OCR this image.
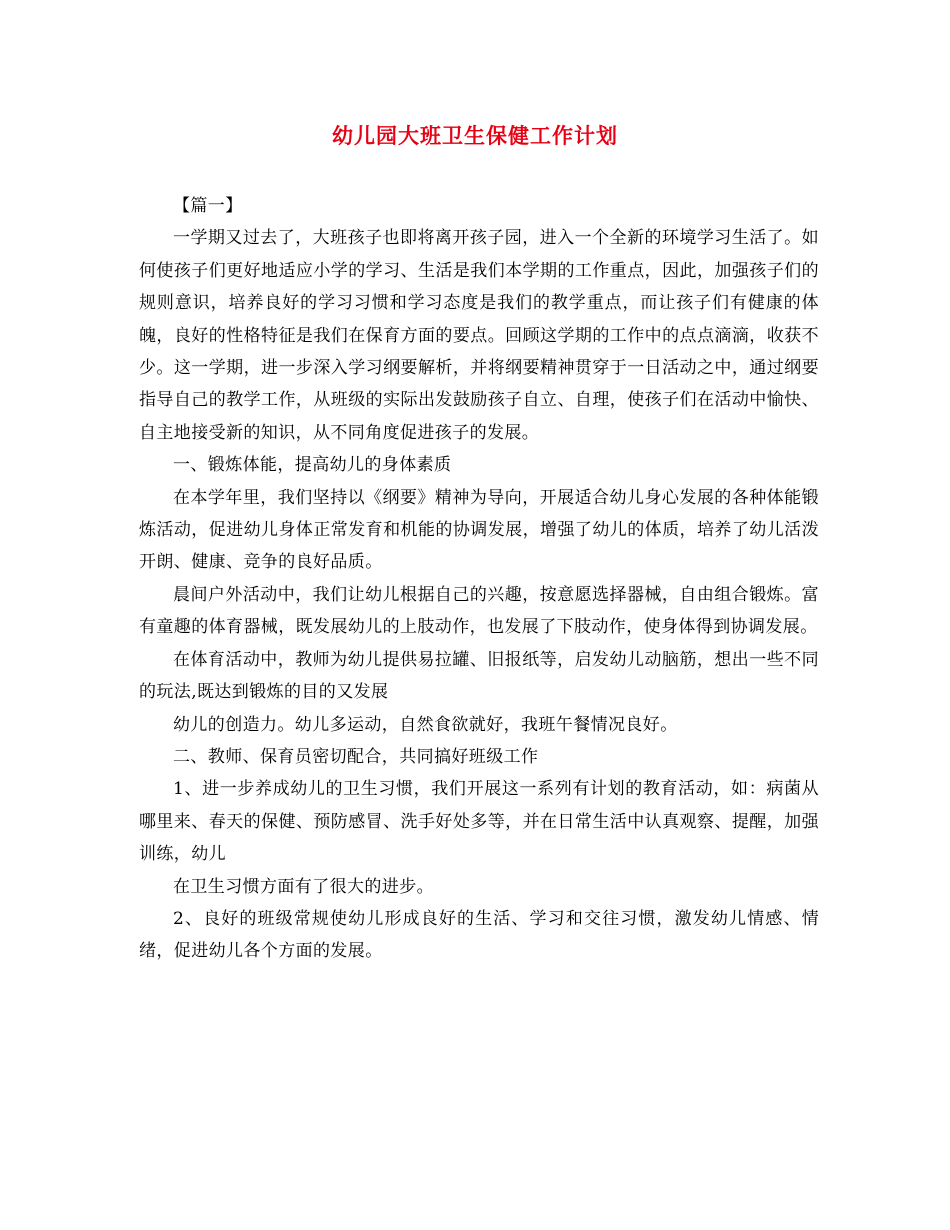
幼儿园大班卫生保健工作计划

【篇一】

一学期又过去了，大班孩子也即将离开孩子园，进入一个全新的环境学习生活了。如何使孩子们更好地适应小学的学习、生活是我们本学期的工作重点，因此，加强孩子们的规则意识，培养良好的学习习惯和学习态度是我们的教学重点，而让孩子们有健康的体魄，良好的性格特征是我们在保育方面的要点。回顾这学期的工作中的点点滴滴，收获不少。这一学期，进一步深入学习纲要解析，并将纲要精神贯穿于一日活动之中，通过纲要指导自己的教学工作，从班级的实际出发鼓励孩子自立、自理，使孩子们在活动中愉快、自主地接受新的知识，从不同角度促进孩子的发展。

一、锻炼体能，提高幼儿的身体素质

在本学年里，我们坚持以《纲要》精神为导向，开展适合幼儿身心发展的各种体能锻炼活动，促进幼儿身体正常发育和机能的协调发展，增强了幼儿的体质，培养了幼儿活泼开朗、健康、竞争的良好品质。

晨间户外活动中，我们让幼儿根据自己的兴趣，按意愿选择器械，自由组合锻炼。富有童趣的体育器械，既发展幼儿的上肢动作，也发展了下肢动作，使身体得到协调发展。

在体育活动中，教师为幼儿提供易拉罐、旧报纸等，启发幼儿动脑筋，想出一些不同的玩法,既达到锻炼的目的又发展

幼儿的创造力。幼儿多运动，自然食欲就好，我班午餐情况良好。

二、教师、保育员密切配合，共同搞好班级工作

1、进一步养成幼儿的卫生习惯，我们开展这一系列有计划的教育活动，如：病菌从哪里来、春天的保健、预防感冒、洗手好处多等，并在日常生活中认真观察、提醒，加强训练，幼儿

在卫生习惯方面有了很大的进步。

2、良好的班级常规使幼儿形成良好的生活、学习和交往习惯，激发幼儿情感、情绪，促进幼儿各个方面的发展。
